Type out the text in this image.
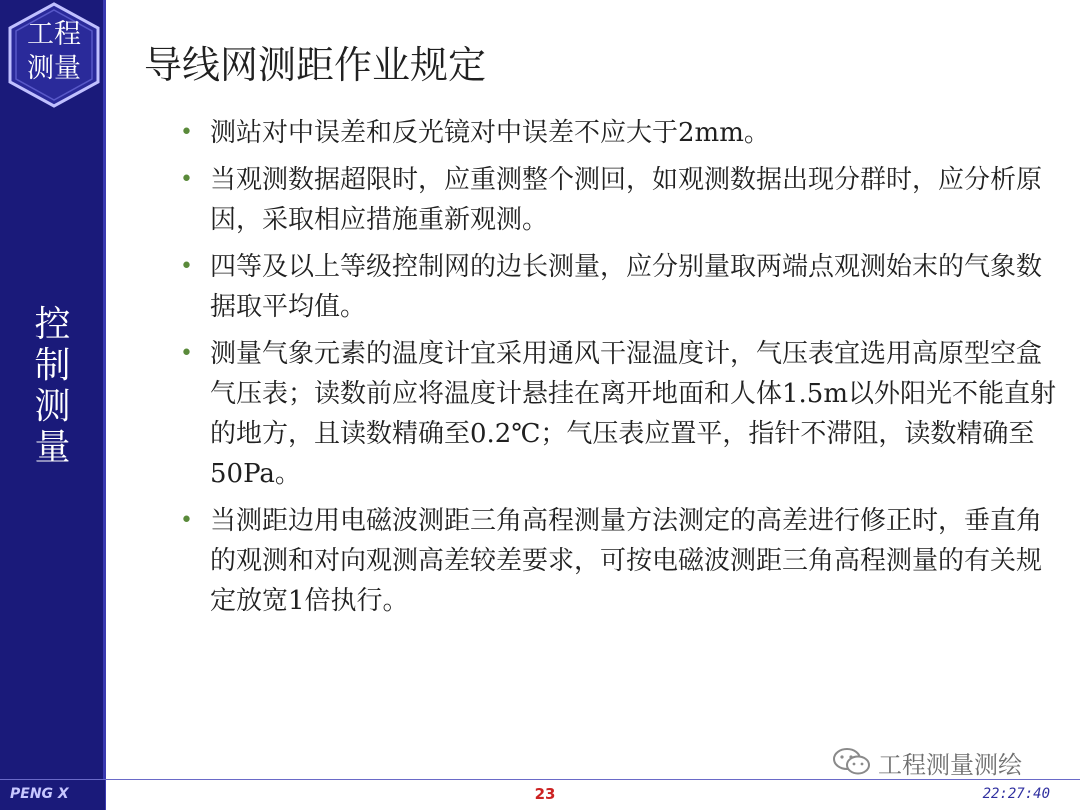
工程
测量
控
制
测
量
导线网测距作业规定
• 测站对中误差和反光镜对中误差不应大于2mm。
• 当观测数据超限时，应重测整个测回，如观测数据出现分群时，应分析原因，采取相应措施重新观测。
• 四等及以上等级控制网的边长测量，应分别量取两端点观测始末的气象数据取平均值。
• 测量气象元素的温度计宜采用通风干湿温度计，气压表宜选用高原型空盒气压表；读数前应将温度计悬挂在离开地面和人体1.5m以外阳光不能直射的地方，且读数精确至0.2℃；气压表应置平，指针不滞阻，读数精确至50Pa。
• 当测距边用电磁波测距三角高程测量方法测定的高差进行修正时，垂直角的观测和对向观测高差较差要求，可按电磁波测距三角高程测量的有关规定放宽1倍执行。
工程测量测绘
PENG X	23	22:27:40
